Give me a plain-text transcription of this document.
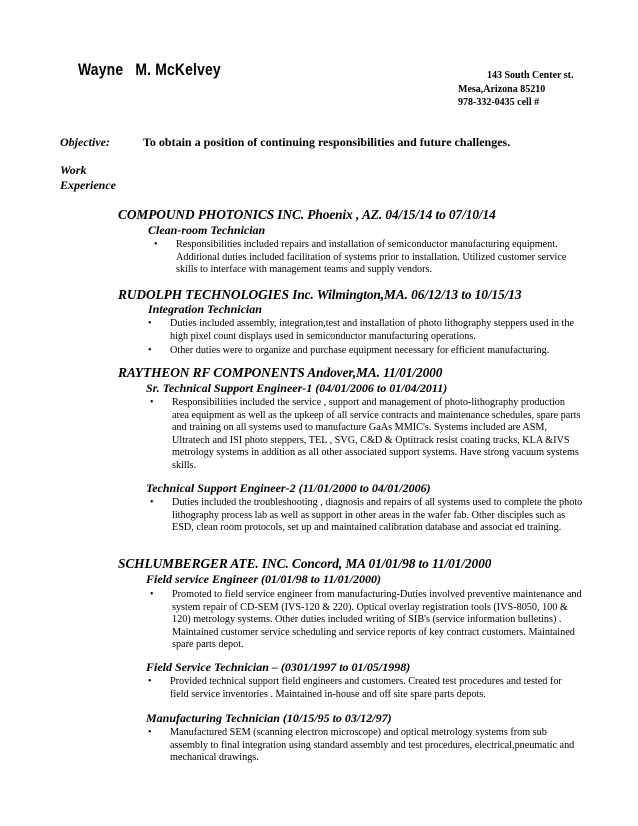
Wayne   M. McKelvey	143 South Center st.
Mesa,Arizona 85210
978-332-0435 cell #
Objective:	To obtain a position of continuing responsibilities and future challenges.
Work
Experience
COMPOUND PHOTONICS INC. Phoenix , AZ. 04/15/14 to 07/10/14
Clean-room Technician
• Responsibilities included repairs and installation of semiconductor manufacturing equipment. Additional duties included facilitation of systems prior to installation. Utilized customer service skills to interface with management teams and supply vendors.
RUDOLPH TECHNOLOGIES Inc. Wilmington,MA. 06/12/13 to 10/15/13
Integration Technician
• Duties included assembly, integration,test and installation of photo lithography steppers used in the high pixel count displays used in semiconductor manufacturing operations.
• Other duties were to organize and purchase equipment necessary for efficient manufacturing.
RAYTHEON RF COMPONENTS Andover,MA. 11/01/2000
Sr. Technical Support Engineer-1 (04/01/2006 to 01/04/2011)
• Responsibilities included the service , support and management of photo-lithography production area equipment as well as the upkeep of all service contracts and maintenance schedules, spare parts and training on all systems used to manufacture GaAs MMIC's. Systems included are ASM, Ultratech and ISI photo steppers, TEL , SVG, C&D & Optitrack resist coating tracks, KLA &IVS metrology systems in addition as all other associated support systems. Have strong vacuum systems skills.
Technical Support Engineer-2 (11/01/2000 to 04/01/2006)
• Duties included the troubleshooting , diagnosis and repairs of all systems used to complete the photo lithography process lab as well as support in other areas in the wafer fab. Other disciples such as ESD, clean room protocols, set up and maintained calibration database and associat ed training.
SCHLUMBERGER ATE. INC. Concord, MA 01/01/98 to 11/01/2000
Field service Engineer (01/01/98 to 11/01/2000)
• Promoted to field service engineer from manufacturing-Duties involved preventive maintenance and system repair of CD-SEM (IVS-120 & 220). Optical overlay registration tools (IVS-8050, 100 & 120) metrology systems. Other duties included writing of SIB's (service information bulletins) . Maintained customer service scheduling and service reports of key contract customers. Maintained spare parts depot.
Field Service Technician – (0301/1997 to 01/05/1998)
• Provided technical support field engineers and customers. Created test procedures and tested for field service inventories . Maintained in-house and off site spare parts depots.
Manufacturing Technician (10/15/95 to 03/12/97)
• Manufactured SEM (scanning electron microscope) and optical metrology systems from sub assembly to final integration using standard assembly and test procedures, electrical,pneumatic and mechanical drawings.
